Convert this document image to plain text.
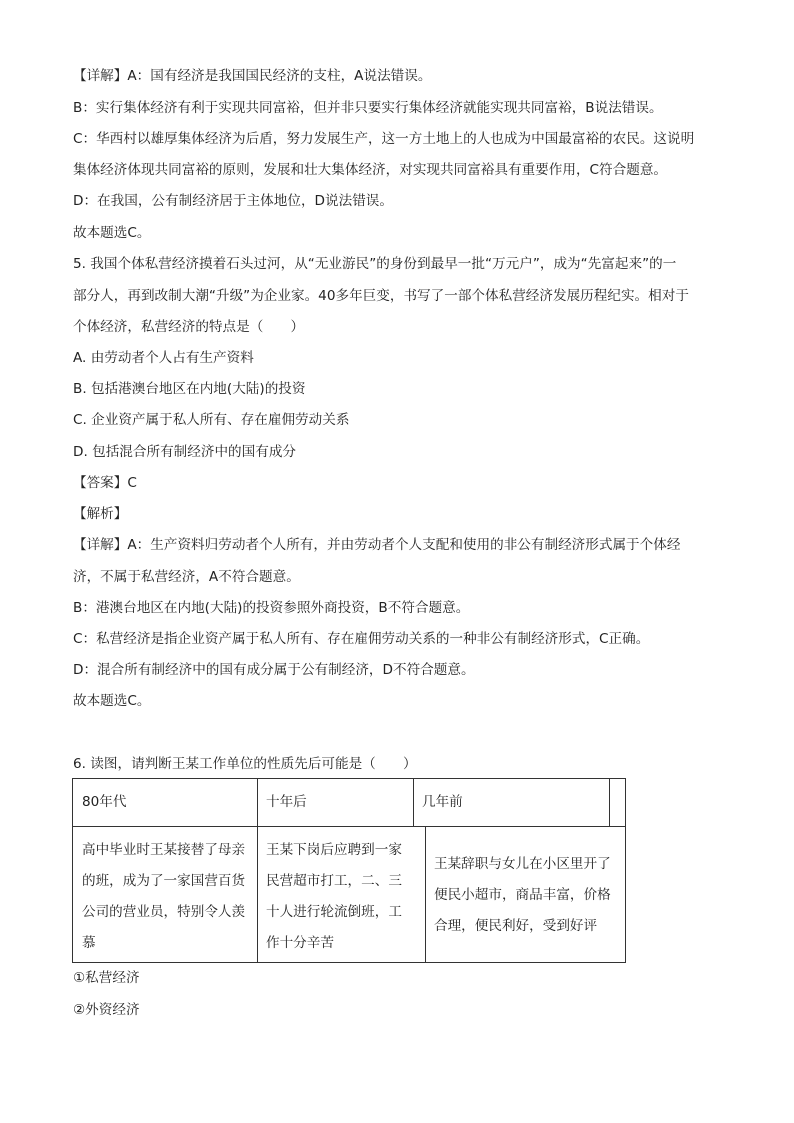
【详解】A：国有经济是我国国民经济的支柱，A说法错误。
B：实行集体经济有利于实现共同富裕，但并非只要实行集体经济就能实现共同富裕，B说法错误。
C：华西村以雄厚集体经济为后盾，努力发展生产，这一方土地上的人也成为中国最富裕的农民。这说明
集体经济体现共同富裕的原则，发展和壮大集体经济，对实现共同富裕具有重要作用，C符合题意。
D：在我国，公有制经济居于主体地位，D说法错误。
故本题选C。
5. 我国个体私营经济摸着石头过河，从“无业游民”的身份到最早一批“万元户”，成为“先富起来”的一
部分人，再到改制大潮“升级”为企业家。40多年巨变，书写了一部个体私营经济发展历程纪实。相对于
个体经济，私营经济的特点是（　　）
A. 由劳动者个人占有生产资料
B. 包括港澳台地区在内地(大陆)的投资
C. 企业资产属于私人所有、存在雇佣劳动关系
D. 包括混合所有制经济中的国有成分
【答案】C
【解析】
【详解】A：生产资料归劳动者个人所有，并由劳动者个人支配和使用的非公有制经济形式属于个体经
济，不属于私营经济，A不符合题意。
B：港澳台地区在内地(大陆)的投资参照外商投资，B不符合题意。
C：私营经济是指企业资产属于私人所有、存在雇佣劳动关系的一种非公有制经济形式，C正确。
D：混合所有制经济中的国有成分属于公有制经济，D不符合题意。
故本题选C。
6. 读图，请判断王某工作单位的性质先后可能是（　　）
80年代	十年后	几年前
高中毕业时王某接替了母亲
的班，成为了一家国营百货
公司的营业员，特别令人羡
慕
王某下岗后应聘到一家
民营超市打工，二、三
十人进行轮流倒班，工
作十分辛苦
王某辞职与女儿在小区里开了
便民小超市，商品丰富，价格
合理，便民利好，受到好评
①私营经济
②外资经济
